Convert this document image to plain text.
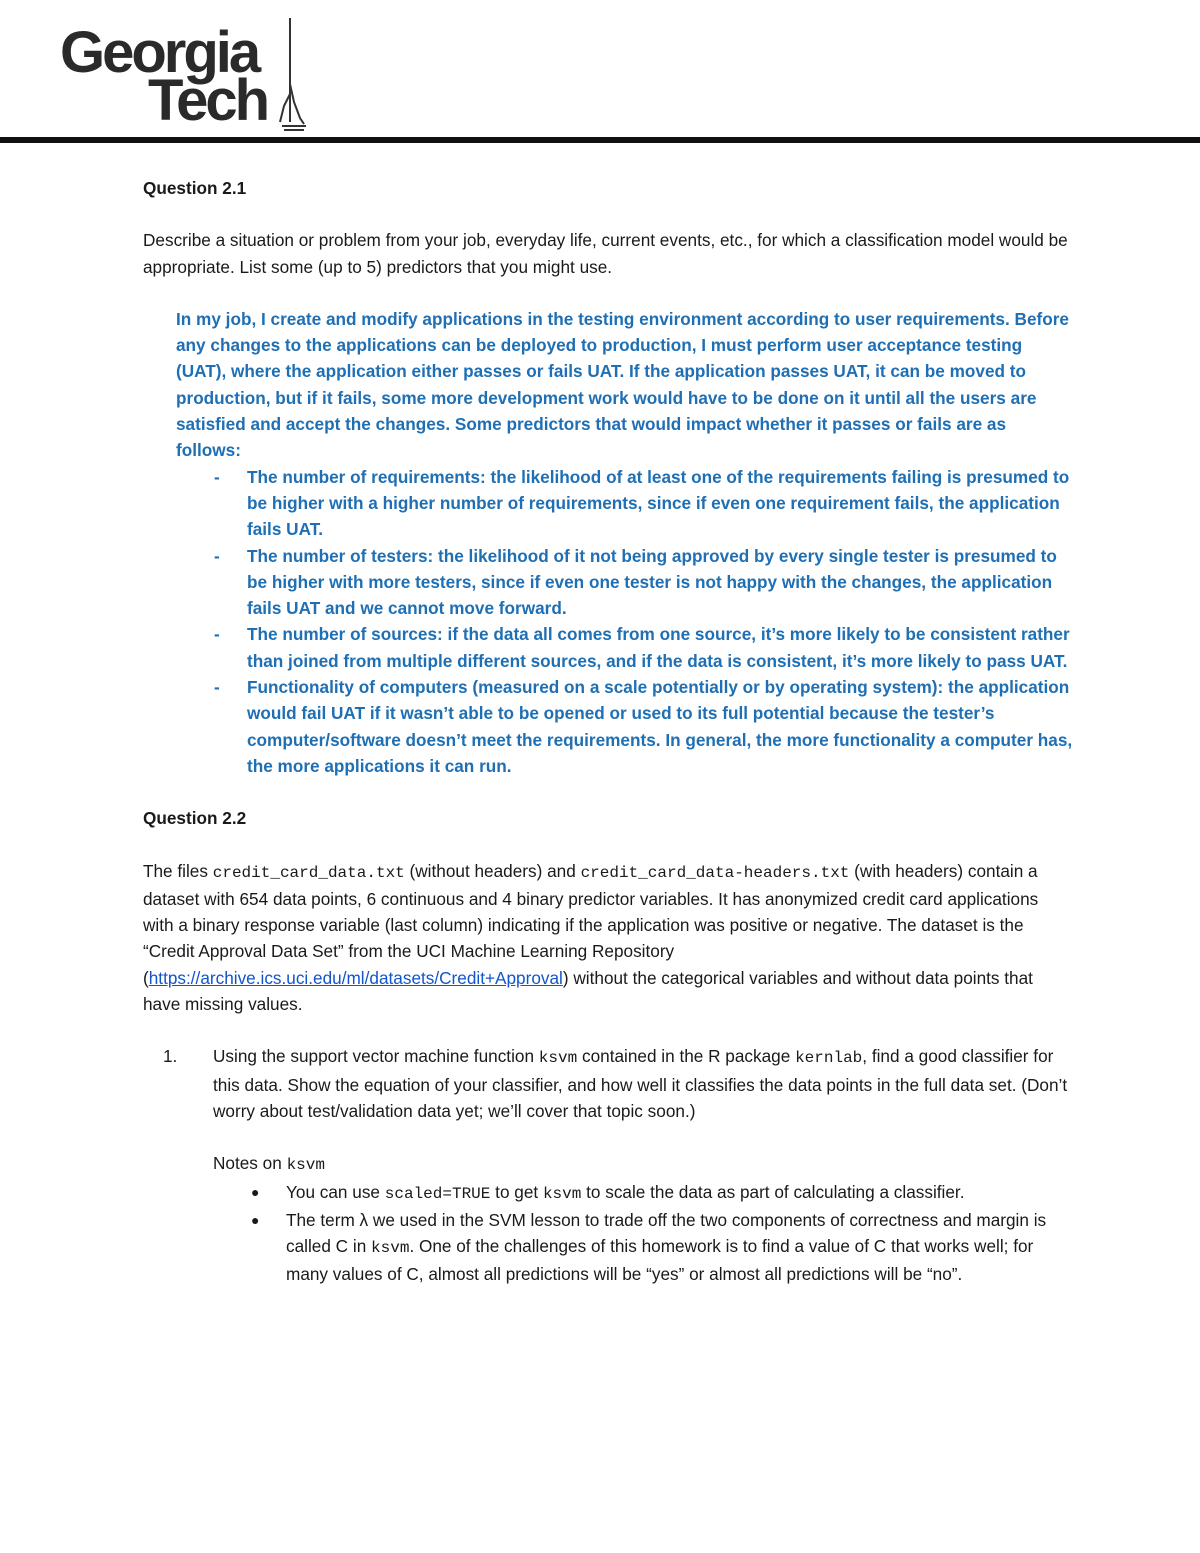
Georgia
Tech

Question 2.1

Describe a situation or problem from your job, everyday life, current events, etc., for which a classification model would be appropriate. List some (up to 5) predictors that you might use.

In my job, I create and modify applications in the testing environment according to user requirements. Before any changes to the applications can be deployed to production, I must perform user acceptance testing (UAT), where the application either passes or fails UAT. If the application passes UAT, it can be moved to production, but if it fails, some more development work would have to be done on it until all the users are satisfied and accept the changes. Some predictors that would impact whether it passes or fails are as follows:

- The number of requirements: the likelihood of at least one of the requirements failing is presumed to be higher with a higher number of requirements, since if even one requirement fails, the application fails UAT.
- The number of testers: the likelihood of it not being approved by every single tester is presumed to be higher with more testers, since if even one tester is not happy with the changes, the application fails UAT and we cannot move forward.
- The number of sources: if the data all comes from one source, it’s more likely to be consistent rather than joined from multiple different sources, and if the data is consistent, it’s more likely to pass UAT.
- Functionality of computers (measured on a scale potentially or by operating system): the application would fail UAT if it wasn’t able to be opened or used to its full potential because the tester’s computer/software doesn’t meet the requirements. In general, the more functionality a computer has, the more applications it can run.

Question 2.2

The files credit_card_data.txt (without headers) and credit_card_data-headers.txt (with headers) contain a dataset with 654 data points, 6 continuous and 4 binary predictor variables. It has anonymized credit card applications with a binary response variable (last column) indicating if the application was positive or negative. The dataset is the “Credit Approval Data Set” from the UCI Machine Learning Repository (https://archive.ics.uci.edu/ml/datasets/Credit+Approval) without the categorical variables and without data points that have missing values.

1. Using the support vector machine function ksvm contained in the R package kernlab, find a good classifier for this data. Show the equation of your classifier, and how well it classifies the data points in the full data set. (Don’t worry about test/validation data yet; we’ll cover that topic soon.)

Notes on ksvm

● You can use scaled=TRUE to get ksvm to scale the data as part of calculating a classifier.
● The term λ we used in the SVM lesson to trade off the two components of correctness and margin is called C in ksvm. One of the challenges of this homework is to find a value of C that works well; for many values of C, almost all predictions will be “yes” or almost all predictions will be “no”.
